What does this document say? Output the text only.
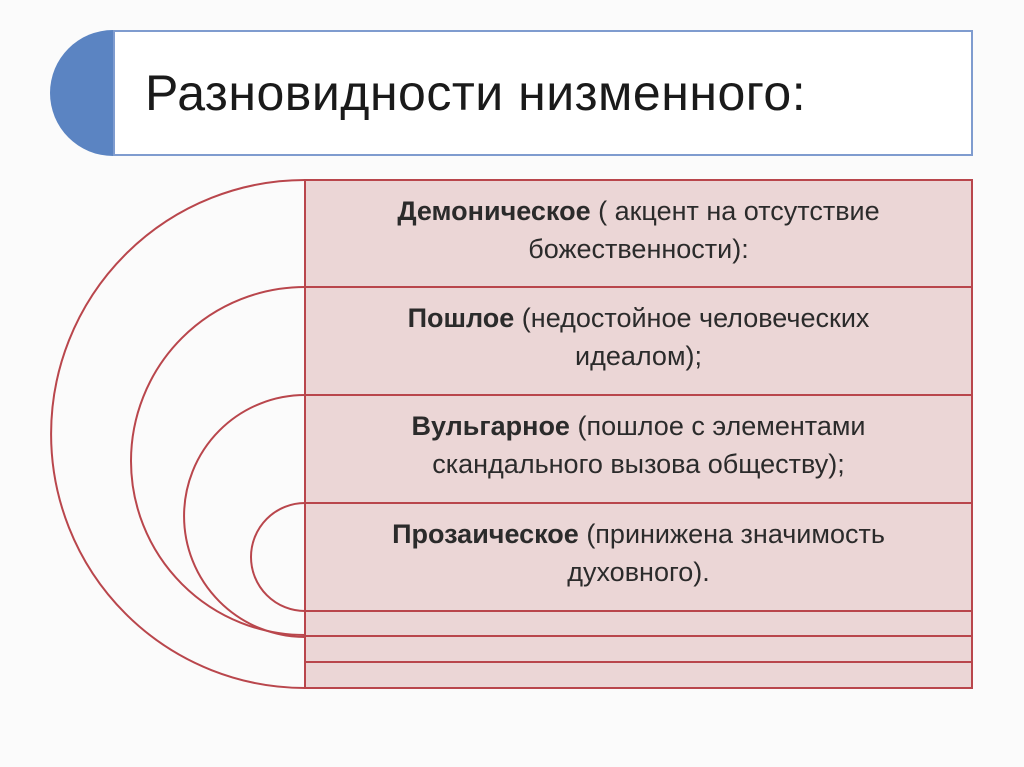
Разновидности низменного:
Демоническое ( акцент на отсутствие
божественности):
Пошлое (недостойное человеческих
идеалом);
Вульгарное (пошлое с элементами
скандального вызова обществу);
Прозаическое (принижена значимость
духовного).
